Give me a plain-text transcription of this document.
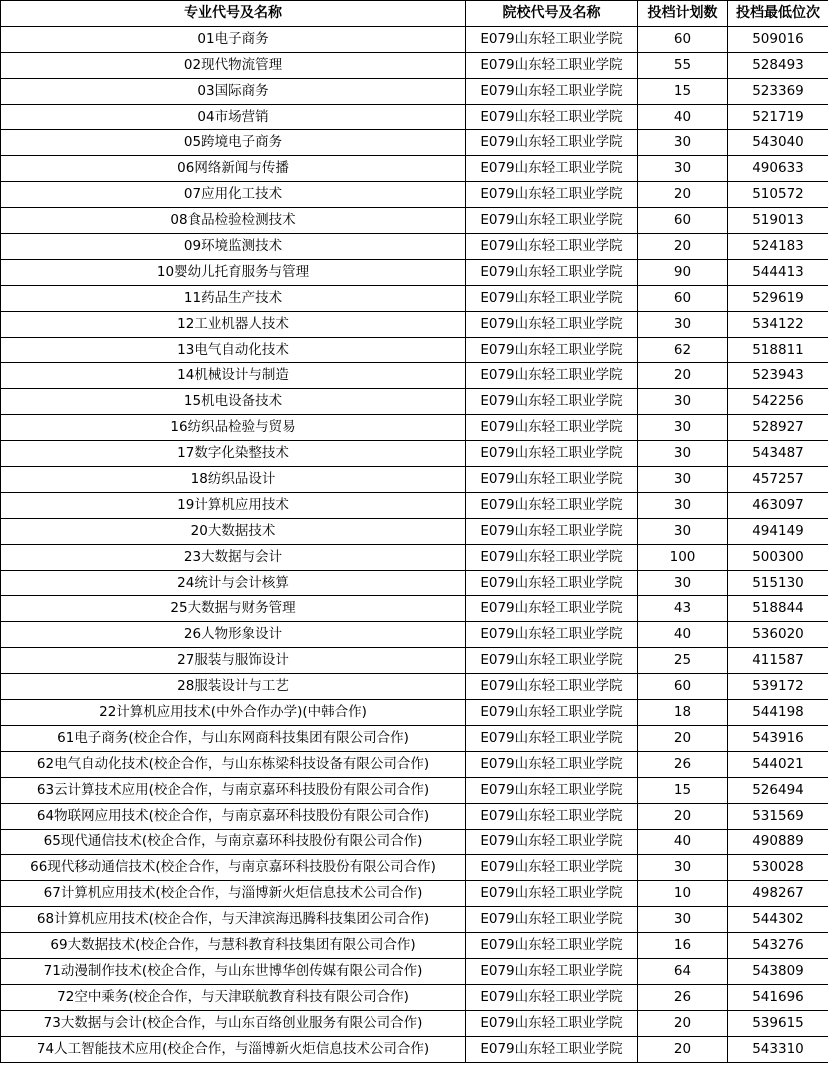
专业代号及名称	院校代号及名称	投档计划数	投档最低位次
01电子商务	E079山东轻工职业学院	60	509016
02现代物流管理	E079山东轻工职业学院	55	528493
03国际商务	E079山东轻工职业学院	15	523369
04市场营销	E079山东轻工职业学院	40	521719
05跨境电子商务	E079山东轻工职业学院	30	543040
06网络新闻与传播	E079山东轻工职业学院	30	490633
07应用化工技术	E079山东轻工职业学院	20	510572
08食品检验检测技术	E079山东轻工职业学院	60	519013
09环境监测技术	E079山东轻工职业学院	20	524183
10婴幼儿托育服务与管理	E079山东轻工职业学院	90	544413
11药品生产技术	E079山东轻工职业学院	60	529619
12工业机器人技术	E079山东轻工职业学院	30	534122
13电气自动化技术	E079山东轻工职业学院	62	518811
14机械设计与制造	E079山东轻工职业学院	20	523943
15机电设备技术	E079山东轻工职业学院	30	542256
16纺织品检验与贸易	E079山东轻工职业学院	30	528927
17数字化染整技术	E079山东轻工职业学院	30	543487
18纺织品设计	E079山东轻工职业学院	30	457257
19计算机应用技术	E079山东轻工职业学院	30	463097
20大数据技术	E079山东轻工职业学院	30	494149
23大数据与会计	E079山东轻工职业学院	100	500300
24统计与会计核算	E079山东轻工职业学院	30	515130
25大数据与财务管理	E079山东轻工职业学院	43	518844
26人物形象设计	E079山东轻工职业学院	40	536020
27服装与服饰设计	E079山东轻工职业学院	25	411587
28服装设计与工艺	E079山东轻工职业学院	60	539172
22计算机应用技术(中外合作办学)(中韩合作)	E079山东轻工职业学院	18	544198
61电子商务(校企合作，与山东网商科技集团有限公司合作)	E079山东轻工职业学院	20	543916
62电气自动化技术(校企合作，与山东栋梁科技设备有限公司合作)	E079山东轻工职业学院	26	544021
63云计算技术应用(校企合作，与南京嘉环科技股份有限公司合作)	E079山东轻工职业学院	15	526494
64物联网应用技术(校企合作，与南京嘉环科技股份有限公司合作)	E079山东轻工职业学院	20	531569
65现代通信技术(校企合作，与南京嘉环科技股份有限公司合作)	E079山东轻工职业学院	40	490889
66现代移动通信技术(校企合作，与南京嘉环科技股份有限公司合作)	E079山东轻工职业学院	30	530028
67计算机应用技术(校企合作，与淄博新火炬信息技术公司合作)	E079山东轻工职业学院	10	498267
68计算机应用技术(校企合作，与天津滨海迅腾科技集团公司合作)	E079山东轻工职业学院	30	544302
69大数据技术(校企合作，与慧科教育科技集团有限公司合作)	E079山东轻工职业学院	16	543276
71动漫制作技术(校企合作，与山东世博华创传媒有限公司合作)	E079山东轻工职业学院	64	543809
72空中乘务(校企合作，与天津联航教育科技有限公司合作)	E079山东轻工职业学院	26	541696
73大数据与会计(校企合作，与山东百络创业服务有限公司合作)	E079山东轻工职业学院	20	539615
74人工智能技术应用(校企合作，与淄博新火炬信息技术公司合作)	E079山东轻工职业学院	20	543310
